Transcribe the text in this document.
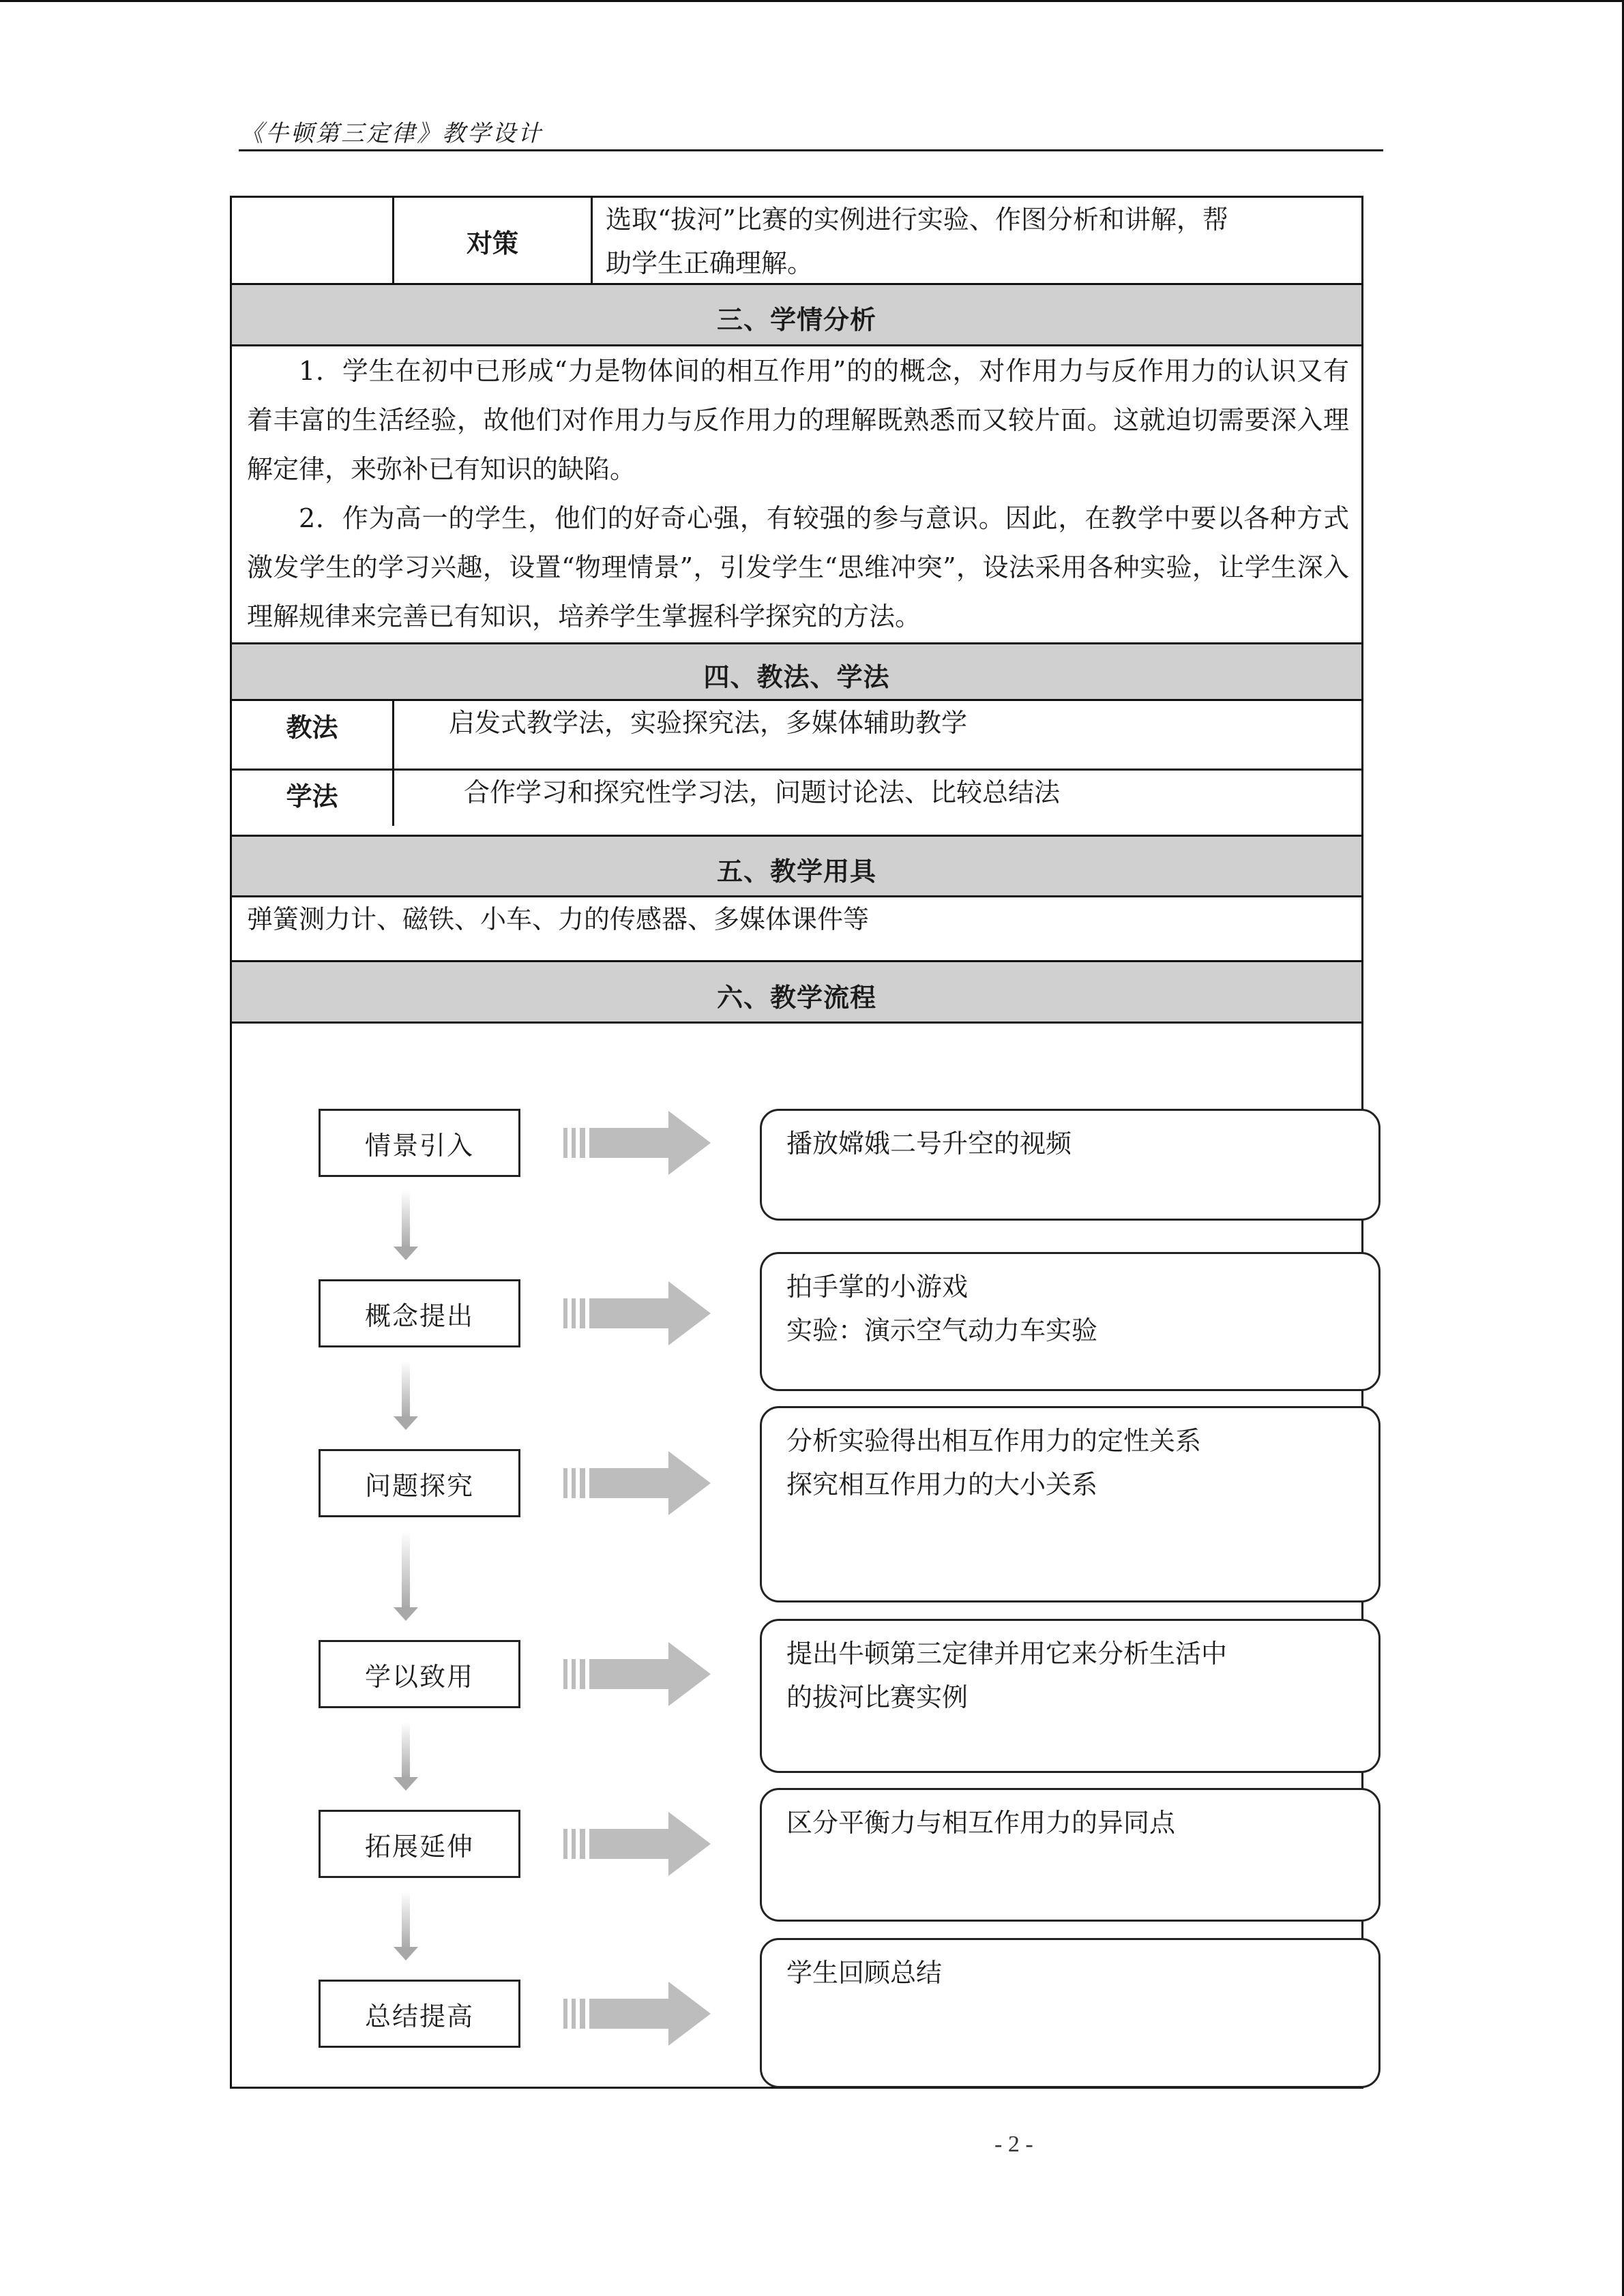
《牛顿第三定律》教学设计
对策
选取“拔河”比赛的实例进行实验、作图分析和讲解，帮
助学生正确理解。
三、学情分析
1．学生在初中已形成“力是物体间的相互作用”的的概念，对作用力与反作用力的认识又有着丰富的生活经验，故他们对作用力与反作用力的理解既熟悉而又较片面。这就迫切需要深入理解定律，来弥补已有知识的缺陷。
2．作为高一的学生，他们的好奇心强，有较强的参与意识。因此，在教学中要以各种方式激发学生的学习兴趣，设置“物理情景”，引发学生“思维冲突”，设法采用各种实验，让学生深入理解规律来完善已有知识，培养学生掌握科学探究的方法。
四、教法、学法
教法	启发式教学法，实验探究法，多媒体辅助教学
学法	合作学习和探究性学习法，问题讨论法、比较总结法
五、教学用具
弹簧测力计、磁铁、小车、力的传感器、多媒体课件等
六、教学流程
情景引入
概念提出
问题探究
学以致用
拓展延伸
总结提高
播放嫦娥二号升空的视频
拍手掌的小游戏
实验：演示空气动力车实验
分析实验得出相互作用力的定性关系
探究相互作用力的大小关系
提出牛顿第三定律并用它来分析生活中
的拔河比赛实例
区分平衡力与相互作用力的异同点
学生回顾总结
- 2 -
